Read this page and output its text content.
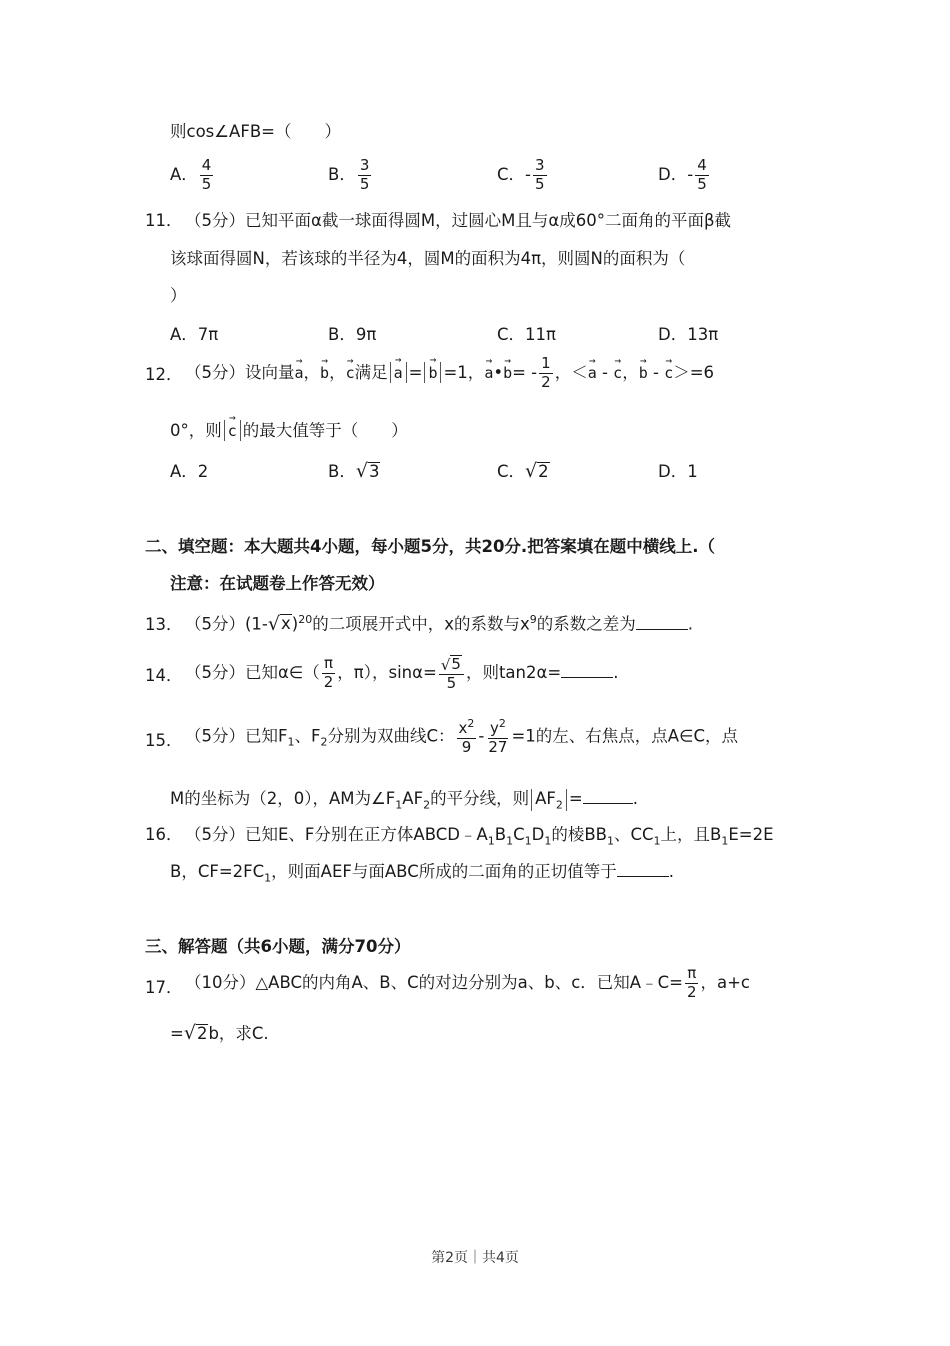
则cos∠AFB=（　　）
A． $\frac{4}{5}$	B． $\frac{3}{5}$	C．- $\frac{3}{5}$	D．- $\frac{4}{5}$
11． （5分）已知平面α截一球面得圆M，过圆心M且与α成60°二面角的平面β截
该球面得圆N，若该球的半径为4，圆M的面积为4π，则圆N的面积为（
）
A．7π	B．9π	C．11π	D．13π
12． （5分）设向量→ a，→ b，→ c满足 → a = → b =1，→ a•→ $b= - \frac{1}{2}$ ，＜→ a - → c，→ b - → c＞=6
0°，则 → c 的最大值等于（　　）
A．2	B． √ 3	C． √ 2	D．1
二、填空题：本大题共4小题，每小题5分，共20分.把答案填在题中横线上.（
注意：在试题卷上作答无效）
13． （5分）(1- √ x )$^{20}$的二项展开式中，x的系数与$x^9$的系数之差为	.
14． （5分）已知α∈（ $\frac{\pi}{2}$ ，π），$\sin\alpha= \frac{√ 5}{5}$ ，则tan2α=	.
15． （5分）已知$F_1$、$F_2$分别为双曲线C： $\frac{x^2}{9} - \frac{y^2}{27} =1$的左、右焦点，点A∈C，点
M的坐标为（2，0），AM为$\angle F_1AF_2$的平分线，则 $AF_2$ =	.
16． （5分）已知E、F分别在正方体$ABCD﹣A_1B_1C_1D_1$的棱$BB_1$、$CC_1$上，且$B_1E=2E$
B，$CF=2FC_1$，则面AEF与面ABC所成的二面角的正切值等于	.
三、解答题（共6小题，满分70分）
17． （10分）△ABC的内角A、B、C的对边分别为a、b、c．已知A﹣C= $\frac{\pi}{2}$ ，a+c
= √ 2 b，求C.
第2页｜共4页
